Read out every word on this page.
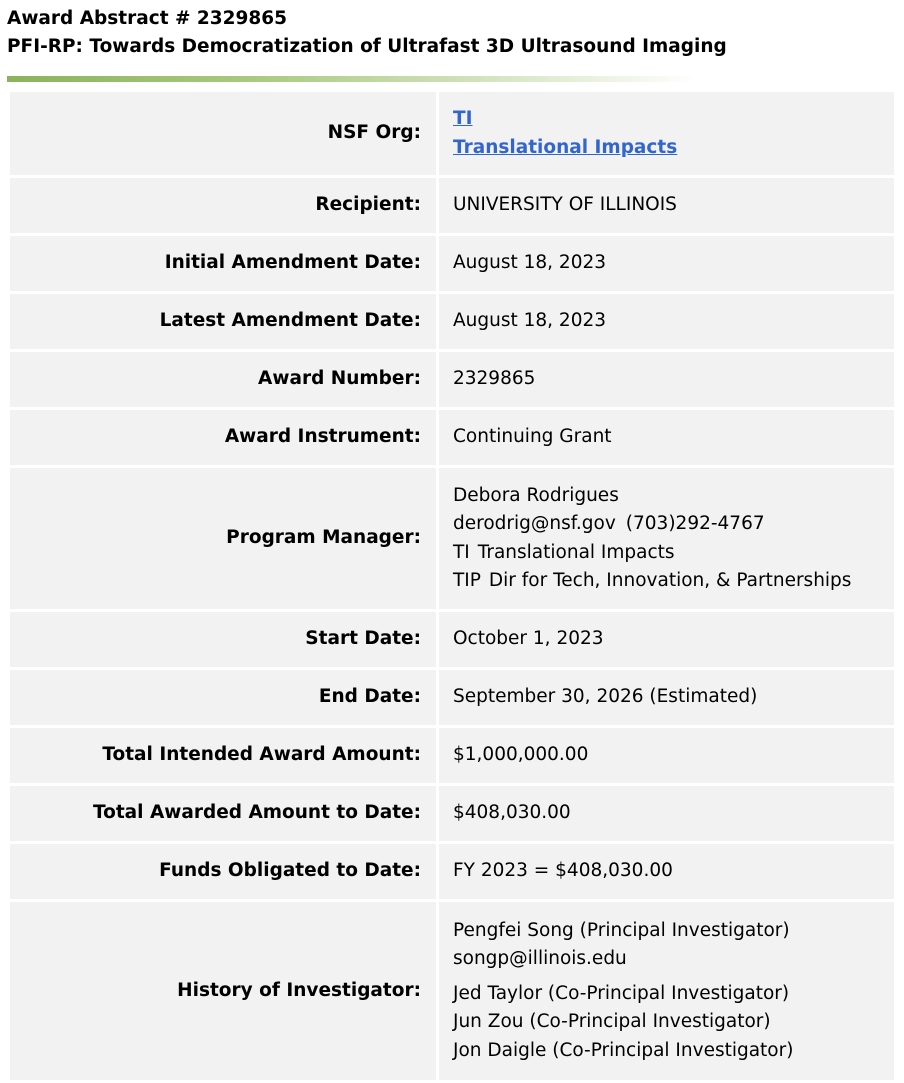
Award Abstract # 2329865
PFI-RP: Towards Democratization of Ultrafast 3D Ultrasound Imaging
NSF Org:	TI
Translational Impacts

Recipient:	UNIVERSITY OF ILLINOIS
Initial Amendment Date:	August 18, 2023
Latest Amendment Date:	August 18, 2023
Award Number:	2329865
Award Instrument:	Continuing Grant
Program Manager:	Debora Rodrigues
derodrig@nsf.gov (703)292-4767
TI Translational Impacts
TIP Dir for Tech, Innovation, & Partnerships

Start Date:	October 1, 2023
End Date:	September 30, 2026 (Estimated)
Total Intended Award Amount:	$1,000,000.00
Total Awarded Amount to Date:	$408,030.00
Funds Obligated to Date:	FY 2023 = $408,030.00
History of Investigator:	Pengfei Song (Principal Investigator)
songp@illinois.edu
Jed Taylor (Co-Principal Investigator)
Jun Zou (Co-Principal Investigator)
Jon Daigle (Co-Principal Investigator)
